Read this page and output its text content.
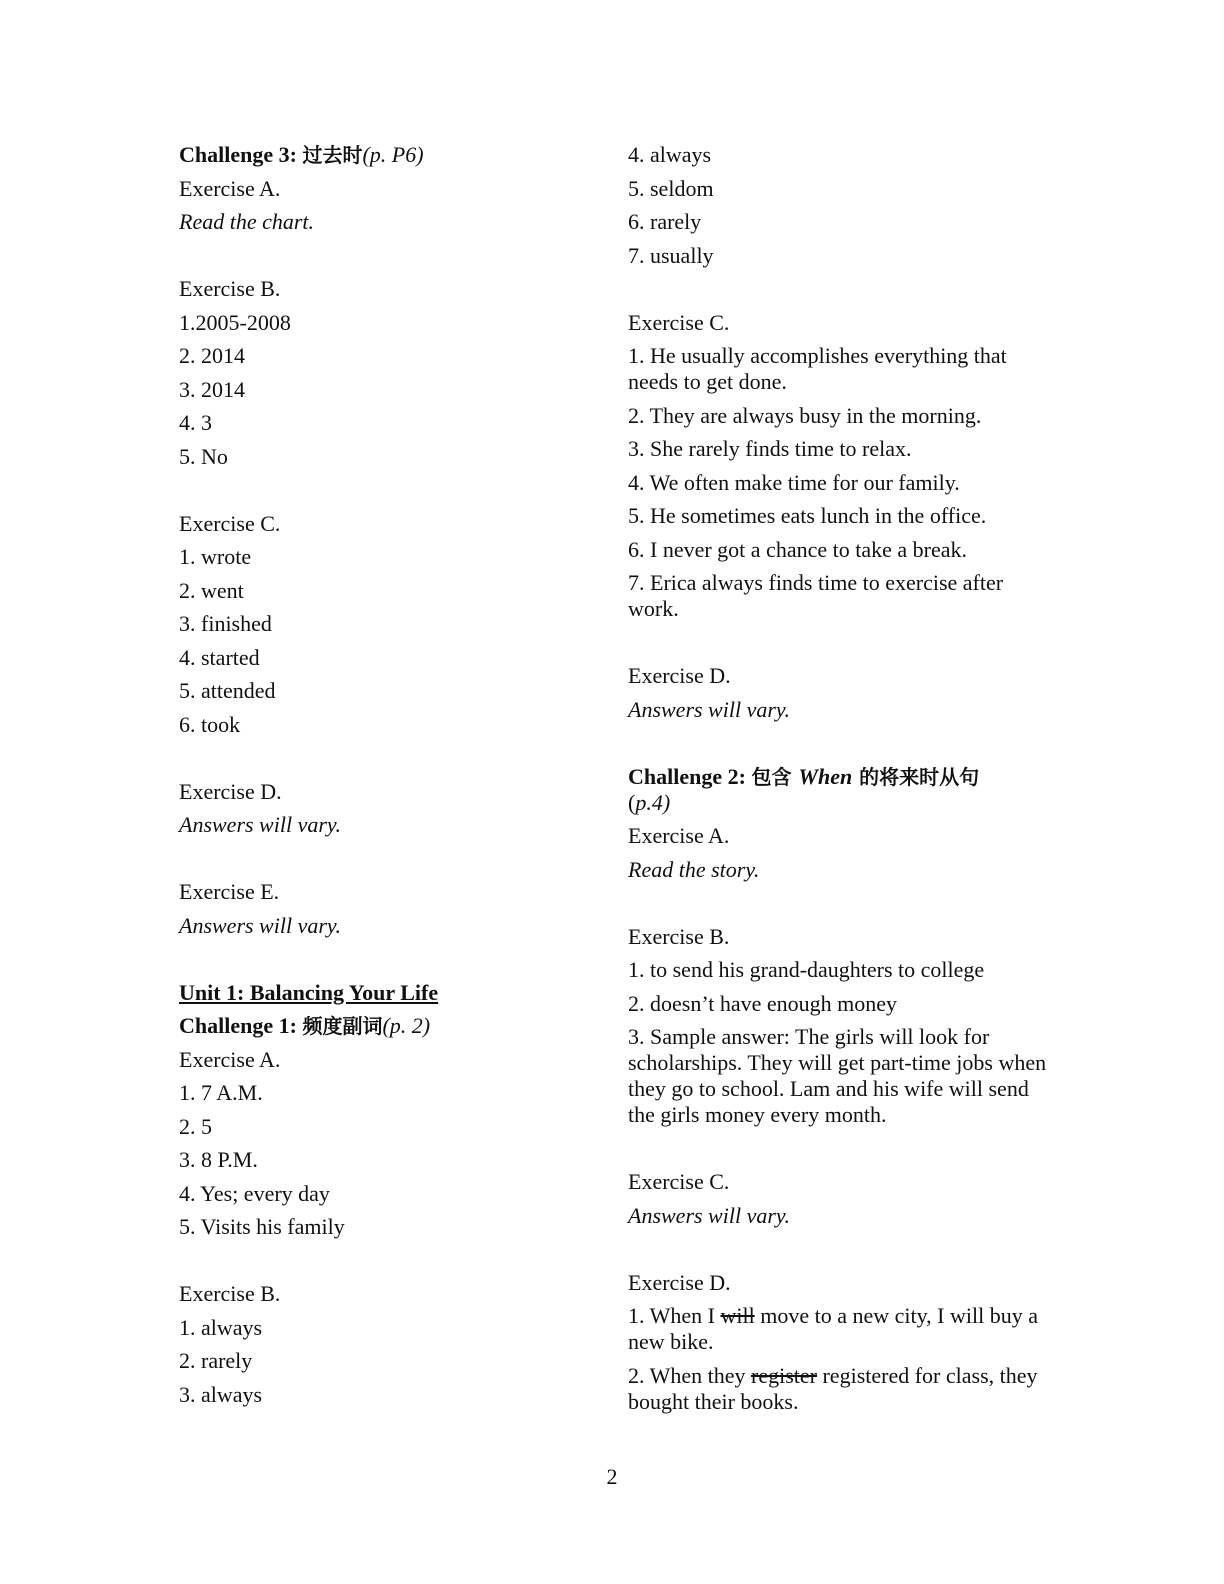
Challenge 3: 过去时(p. P6)
Exercise A.
Read the chart.
Exercise B.
1.2005-2008
2. 2014
3. 2014
4. 3
5. No
Exercise C.
1. wrote
2. went
3. finished
4. started
5. attended
6. took
Exercise D.
Answers will vary.
Exercise E.
Answers will vary.
Unit 1: Balancing Your Life
Challenge 1: 频度副词(p. 2)
Exercise A.
1. 7 A.M.
2. 5
3. 8 P.M.
4. Yes; every day
5. Visits his family
Exercise B.
1. always
2. rarely
3. always
4. always
5. seldom
6. rarely
7. usually
Exercise C.
1. He usually accomplishes everything that needs to get done.
2. They are always busy in the morning.
3. She rarely finds time to relax.
4. We often make time for our family.
5. He sometimes eats lunch in the office.
6. I never got a chance to take a break.
7. Erica always finds time to exercise after work.
Exercise D.
Answers will vary.
Challenge 2: 包含 When 的将来时从句
(p.4)
Exercise A.
Read the story.
Exercise B.
1. to send his grand-daughters to college
2. doesn’t have enough money
3. Sample answer: The girls will look for scholarships. They will get part-time jobs when they go to school. Lam and his wife will send the girls money every month.
Exercise C.
Answers will vary.
Exercise D.
1. When I will move to a new city, I will buy a new bike.
2. When they register registered for class, they bought their books.
2
